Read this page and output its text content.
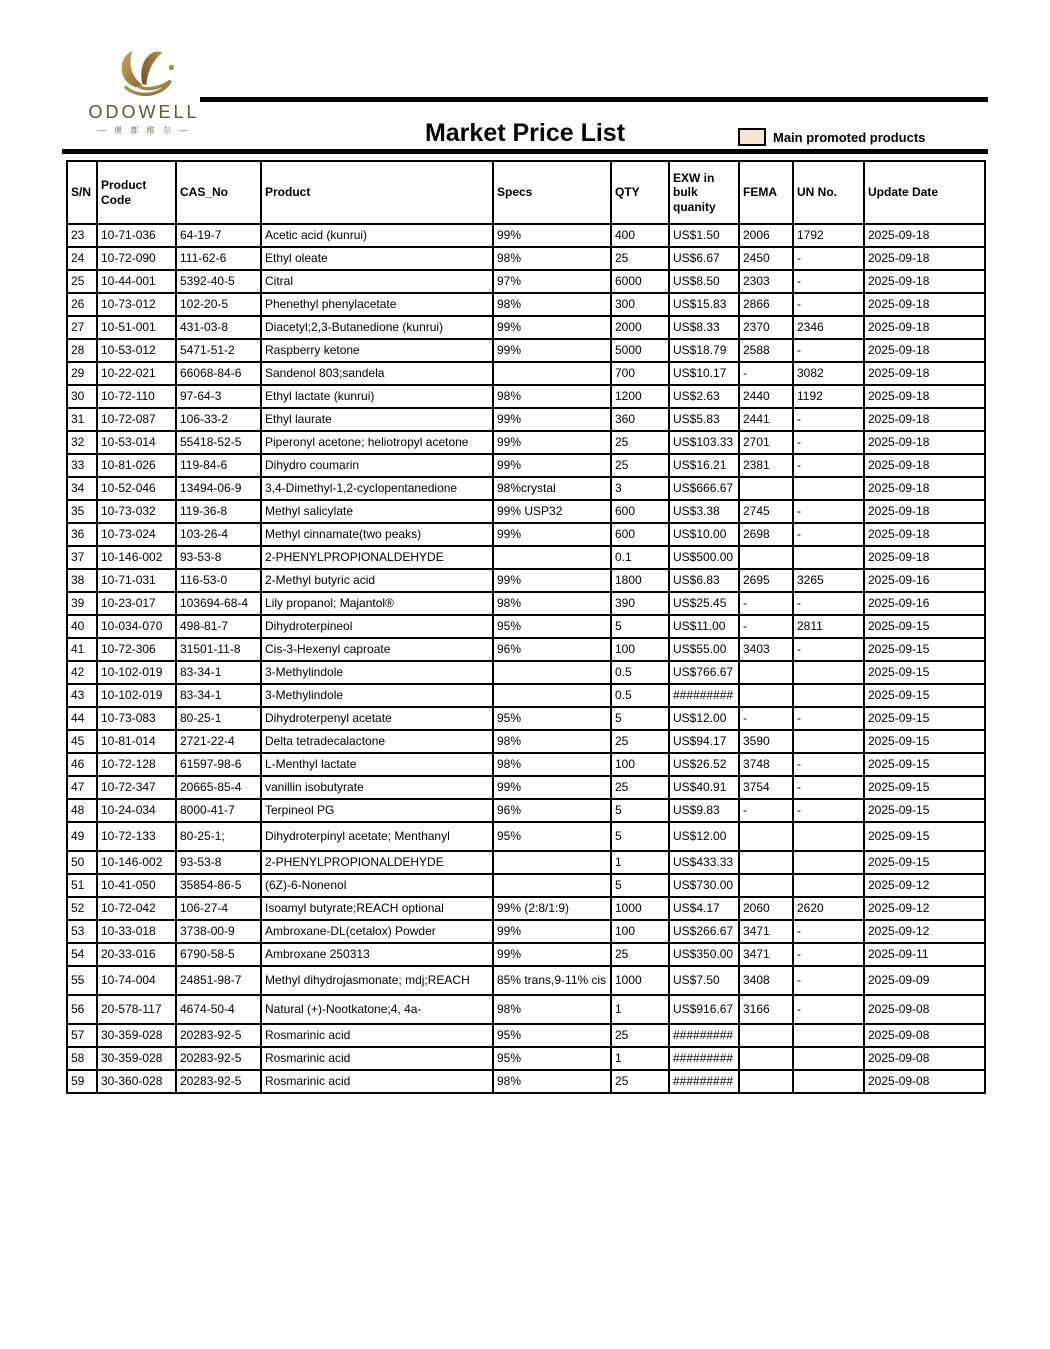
ODOWELL
— 奥 都 维 尔 —	Market Price List	Main promoted products
S/N	Product Code	CAS_No	Product	Specs	QTY	EXW in bulk quanity	FEMA	UN No.	Update Date
23	10-71-036	64-19-7	Acetic acid (kunrui)	99%	400	US$1.50	2006	1792	2025-09-18
24	10-72-090	111-62-6	Ethyl oleate	98%	25	US$6.67	2450	-	2025-09-18
25	10-44-001	5392-40-5	Citral	97%	6000	US$8.50	2303	-	2025-09-18
26	10-73-012	102-20-5	Phenethyl phenylacetate	98%	300	US$15.83	2866	-	2025-09-18
27	10-51-001	431-03-8	Diacetyl;2,3-Butanedione (kunrui)	99%	2000	US$8.33	2370	2346	2025-09-18
28	10-53-012	5471-51-2	Raspberry ketone	99%	5000	US$18.79	2588	-	2025-09-18
29	10-22-021	66068-84-6	Sandenol 803;sandela		700	US$10.17	-	3082	2025-09-18
30	10-72-110	97-64-3	Ethyl lactate (kunrui)	98%	1200	US$2.63	2440	1192	2025-09-18
31	10-72-087	106-33-2	Ethyl laurate	99%	360	US$5.83	2441	-	2025-09-18
32	10-53-014	55418-52-5	Piperonyl acetone; heliotropyl acetone	99%	25	US$103.33	2701	-	2025-09-18
33	10-81-026	119-84-6	Dihydro coumarin	99%	25	US$16.21	2381	-	2025-09-18
34	10-52-046	13494-06-9	3,4-Dimethyl-1,2-cyclopentanedione	98%crystal	3	US$666.67			2025-09-18
35	10-73-032	119-36-8	Methyl salicylate	99% USP32	600	US$3.38	2745	-	2025-09-18
36	10-73-024	103-26-4	Methyl cinnamate(two peaks)	99%	600	US$10.00	2698	-	2025-09-18
37	10-146-002	93-53-8	2-PHENYLPROPIONALDEHYDE		0.1	US$500.00			2025-09-18
38	10-71-031	116-53-0	2-Methyl butyric acid	99%	1800	US$6.83	2695	3265	2025-09-16
39	10-23-017	103694-68-4	Lily propanol; Majantol®	98%	390	US$25.45	-	-	2025-09-16
40	10-034-070	498-81-7	Dihydroterpineol	95%	5	US$11.00	-	2811	2025-09-15
41	10-72-306	31501-11-8	Cis-3-Hexenyl caproate	96%	100	US$55.00	3403	-	2025-09-15
42	10-102-019	83-34-1	3-Methylindole		0.5	US$766.67			2025-09-15
43	10-102-019	83-34-1	3-Methylindole		0.5	#########			2025-09-15
44	10-73-083	80-25-1	Dihydroterpenyl acetate	95%	5	US$12.00	-	-	2025-09-15
45	10-81-014	2721-22-4	Delta tetradecalactone	98%	25	US$94.17	3590		2025-09-15
46	10-72-128	61597-98-6	L-Menthyl lactate	98%	100	US$26.52	3748	-	2025-09-15
47	10-72-347	20665-85-4	vanillin isobutyrate	99%	25	US$40.91	3754	-	2025-09-15
48	10-24-034	8000-41-7	Terpineol PG	96%	5	US$9.83	-	-	2025-09-15
49	10-72-133	80-25-1;	Dihydroterpinyl acetate; Menthanyl	95%	5	US$12.00			2025-09-15
50	10-146-002	93-53-8	2-PHENYLPROPIONALDEHYDE		1	US$433.33			2025-09-15
51	10-41-050	35854-86-5	(6Z)-6-Nonenol		5	US$730.00			2025-09-12
52	10-72-042	106-27-4	Isoamyl butyrate;REACH optional	99% (2:8/1:9)	1000	US$4.17	2060	2620	2025-09-12
53	10-33-018	3738-00-9	Ambroxane-DL(cetalox) Powder	99%	100	US$266.67	3471	-	2025-09-12
54	20-33-016	6790-58-5	Ambroxane 250313	99%	25	US$350.00	3471	-	2025-09-11
55	10-74-004	24851-98-7	Methyl dihydrojasmonate; mdj;REACH	85% trans,9-11% cis	1000	US$7.50	3408	-	2025-09-09
56	20-578-117	4674-50-4	Natural (+)-Nootkatone;4, 4a-	98%	1	US$916.67	3166	-	2025-09-08
57	30-359-028	20283-92-5	Rosmarinic acid	95%	25	#########			2025-09-08
58	30-359-028	20283-92-5	Rosmarinic acid	95%	1	#########			2025-09-08
59	30-360-028	20283-92-5	Rosmarinic acid	98%	25	#########			2025-09-08
